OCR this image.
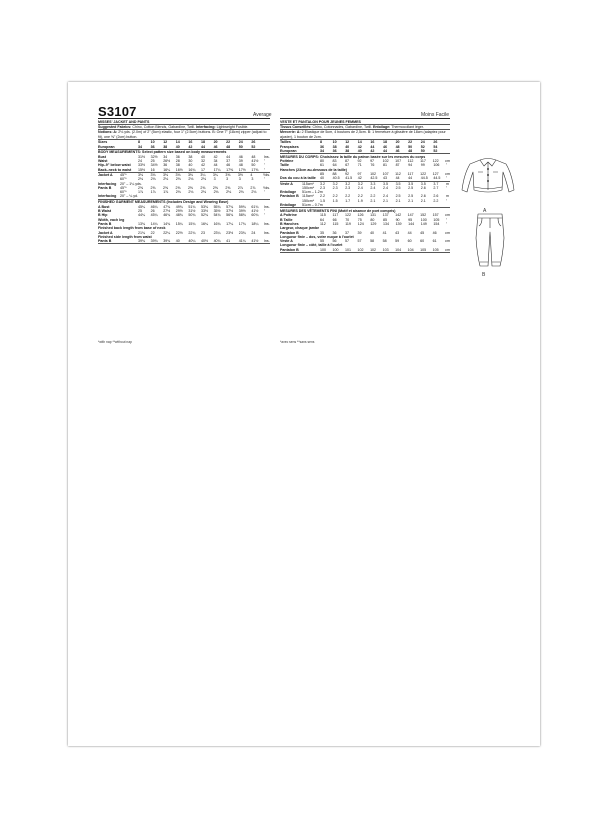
S3107	Average	Moins Facile
MISSES' JACKET AND PANTS
Suggested Fabrics: Chino, Cotton Blends, Gabardine, Twill. Interfacing: Lightweight Fusible.
Notions: A: 2⅛ yds. (2.0m) of 2" (5cm) elastic, four 1" (2.5cm) buttons. B: One 7" (18cm) zipper (adjust to fit), one ⅝" (2cm) button.
Sizes	8	10	12	14	16	18	20	22	24	26
European	34	36	38	40	42	44	46	48	50	52
BODY MEASUREMENTS: Select pattern size based on body measurements
Bust	31½	32½	34	36	38	40	42	44	46	48	Ins.
Waist	24	25	26½	28	30	32	34	37	39	41½	"
Hip–9" below waist	33½	34½	36	38	40	42	44	46	48	50	"
Back–neck to waist	15½	16	16¼	16½	16¾	17	17¼	17⅜	17½	17⅝	"
Jacket A	45"*	3⅛	3⅛	3⅛	3⅛	3⅛	3¼	3¼	3⅜	3½	4	Yds.
60"*	2⅛	2⅛	2⅛	2⅛	2⅛	2⅛	3	3	3	3	"
Interfacing	20" – 1¼ yds.
Pants B	45"*	2⅝	2⅝	2⅝	2⅝	2⅝	2⅝	2⅝	2⅝	2⅞	2⅞	Yds.
60"*	1⅞	1⅞	1⅞	2⅛	2⅛	2⅛	2⅛	2⅛	2⅛	2⅛	"
Interfacing	20" – ¼ yd.
FINISHED GARMENT MEASUREMENTS (Includes Design and Wearing Ease)
A Bust	45¼	46¼	47¾	49¾	51¾	53¾	55¾	57¾	59¾	61¾	Ins.
B Waist	25	26	27½	29½	31½	33½	35½	37½	39½	41½	"
B Hip	44¼	45¼	46¾	48¾	50¾	52¾	54¾	56¾	58¾	60¾	"
Width, each leg
Pants B	13¾	14¼	14¾	15¼	15¾	16¼	16¾	17¼	17¾	18¼	Ins.
Finished back length from base of neck
Jacket A	21¾	22	22¼	22½	22¾	23	23¼	23½	23¾	24	Ins.
Finished side length from waist
Pants B	39¾	39¾	39¾	40	40¼	40½	40¾	41	41¼	41½	Ins.
VESTE ET PANTALON POUR JEUNES FEMMES
Tissus Conseillés: Chino, Cotonnades, Gabardine, Twill. Entoilage: Thermocollant léger.
Mercerie: A: 2 Élastique de 5cm, 4 boutons de 2,5cm. B: 1 fermeture à glissière de 18cm (adaptez pour ajuster), 1 bouton de 2cm.
Tailles	8	10	12	14	16	18	20	22	24	26
Françaises	36	38	40	42	44	46	48	50	52	54
European	34	36	38	40	42	44	46	48	50	52
MESURES DU CORPS: Choisissez la taille du patron basée sur les mesures du corps
Poitrine	80	83	87	92	97	102	107	112	117	122	cm
Taille	61	64	67	71	76	81	87	94	99	106	"
Hanches (23cm au-dessous de la taille)
85	88	92	97	102	107	112	117	122	127	cm
Dos du cou à la taille	40	40.5	41.5	42	42.5	43	44	44	44.5	44.5	"
Veste A	115cm*	3.2	3.2	3.2	3.2	3.3	3.5	3.5	3.5	3.5	3.7	m
150cm*	2.3	2.3	2.3	2.4	2.4	2.4	2.5	2.5	2.6	2.7	"
Entoilage	51cm – 1.2m
Pantalon B 115cm*	2.2	2.2	2.2	2.2	2.2	2.4	2.5	2.5	2.6	2.6	m
150cm*	1.5	1.5	1.7	1.9	2.1	2.1	2.1	2.1	2.1	2.2	"
Entoilage	51cm – 0.7m
MESURES DES VÊTEMENTS FINI (Motif et aisance de port compris)
A Poitrine	115	117	122	126	131	137	142	147	152	157	cm
B Taille	64	66	70	75	80	85	90	95	100	105	"
B Hanches	112	115	119	124	129	134	139	144	149	154	"
Largeur, chaque jambe
Pantalon B	35	36	37	39	40	41	43	44	45	46	cm
Longueur finie – dos, votre nuque à l'ourlet
Veste A	55	56	57	57	58	58	59	60	60	61	cm
Longueur finie – côté, taille à l'ourlet
Pantalon B	100	100	101	102	102	103	104	104	105	105	cm
*with nap **without nap	*avec sens **sans sens
A
B
